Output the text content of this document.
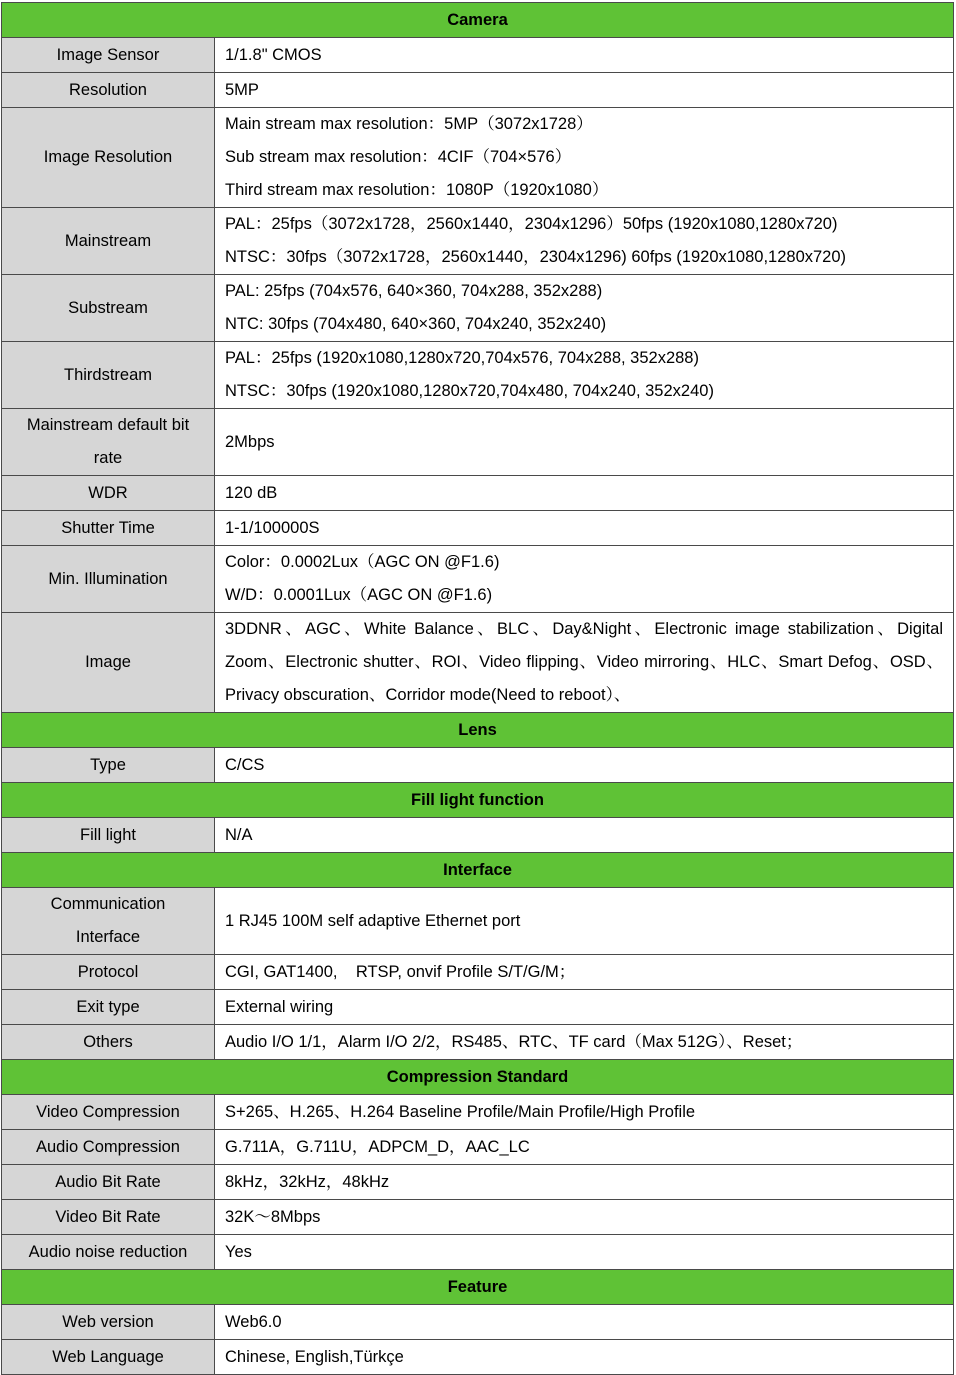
Camera	
Image Sensor	1/1.8" CMOS
Resolution	5MP
Image Resolution	Main stream max resolution：5MP（3072x1728）
Sub stream max resolution：4CIF（704×576）
Third stream max resolution：1080P（1920x1080）

Mainstream	PAL：25fps（3072x1728，2560x1440，2304x1296）50fps (1920x1080,1280x720)
NTSC：30fps（3072x1728，2560x1440，2304x1296) 60fps (1920x1080,1280x720)

Substream	PAL: 25fps (704x576, 640×360, 704x288, 352x288)
NTC: 30fps (704x480, 640×360, 704x240, 352x240)

Thirdstream	PAL：25fps (1920x1080,1280x720,704x576, 704x288, 352x288)
NTSC：30fps (1920x1080,1280x720,704x480, 704x240, 352x240)

Mainstream default bit
rate	2Mbps
WDR	120 dB
Shutter Time	1-1/100000S
Min. Illumination	Color：0.0002Lux（AGC ON @F1.6)
W/D：0.0001Lux（AGC ON @F1.6)

Image	3DDNR、AGC、White Balance、BLC、Day&Night、Electronic image stabilization、Digital Zoom、Electronic shutter、ROI、Video flipping、Video mirroring、HLC、Smart Defog、OSD、Privacy obscuration、Corridor mode(Need to reboot）、

Lens	
Type	C/CS
Fill light function	
Fill light	N/A
Interface	

Communication
Interface	1 RJ45 100M self adaptive Ethernet port
Protocol	CGI, GAT1400,    RTSP, onvif Profile S/T/G/M；
Exit type	External wiring
Others	Audio I/O 1/1，Alarm I/O 2/2，RS485、RTC、TF card（Max 512G）、Reset；
Compression Standard	
Video Compression	S+265、H.265、H.264 Baseline Profile/Main Profile/High Profile
Audio Compression	G.711A，G.711U，ADPCM_D，AAC_LC
Audio Bit Rate	8kHz，32kHz，48kHz
Video Bit Rate	32K～8Mbps
Audio noise reduction	Yes
Feature	
Web version	Web6.0
Web Language	Chinese, English,Türkçe
